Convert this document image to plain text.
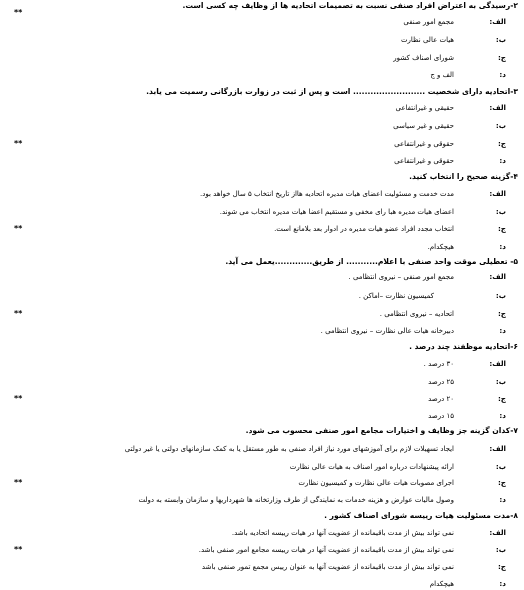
۲-رسیدگی به اعتراض افراد صنفی نسبت به تصمیمات اتحادیه ها از وظایف چه کسی است.
**
الف:
مجمع امور صنفی
ب:
هیات عالی نظارت
ج:
شورای اصناف کشور
د:
الف و ج
۳-اتحادیه دارای شخصیت ......................... است و پس از ثبت در زوارت بازرگانی رسمیت می یابد.
الف:
حقیقی و غیرانتفاعی
ب:
حقیقی و غیر سیاسی
**	ج:
حقوقی و غیرانتفاعی
د:
حقوقی و غیرانتفاعی
۴-گزینه صحیح را انتخاب کنید.
الف:
مدت خدمت و مسئولیت اعضای هیات مدیره اتحادیه هااز تاریخ انتخاب ۵ سال خواهد بود.
ب:
اعضای هیات مدیره هبا رای مخفی و مستقیم اعضا هیات مدیره انتخاب می شوند.
**	ج:
انتخاب مجدد افراد عضو هیات مدیره در ادوار بعد بلامانع است.
د:
هیچکدام.
۵- تعطیلی موقت واحد صنفی با اعلام........... از طریق.............یعمل می آید.
الف:
مجمع امور صنفی – نیروی انتظامی .
ب:
کمیسیون نظارت –اماکن .
**	ج:
اتحادیه – نیروی انتظامی .
د:
دبیرخانه هیات عالی نظارت – نیروی انتظامی .
۶-اتحادیه موظفند چند درصد .
الف:
۳۰ درصد .
ب:
۲۵ درصد
**	ج:
۲۰ درصد
د:
۱۵ درصد
۷-کدان گزینه جز وظایف و اختیارات مجامع امور صنفی محسوب می شود.
الف:
ایجاد تسهیلات لازم برای آموزشهای مورد نیاز افراد صنفی به طور مستقل یا به کمک سازمانهای دولتی یا غیر دولتی
ب:
ارائه پیشنهادات درباره امور اصناف به هیات عالی نظارت
**	ج:
اجرای مصوبات هیات عالی نظارت و کمیسیون نظارت
د:
وصول مالیات عوارض و هزینه خدمات به نمایندگی از طرف وزارتخانه ها شهرداریها و سازمان وابسته به دولت
۸-مدت مسئولیت هیات رییسه شورای اصناف کشور .
الف:
نمی تواند بیش از مدت باقیمانده از عضویت آنها در هیات رییسه اتحادیه باشد.
**	ب:
نمی تواند بیش از مدت باقیمانده از عضویت آنها در هیات رییسه مجامع امور صنفی باشد.
ج:
نمی تواند بیش از مدت باقیمانده از عضویت آنها به عنوان رییس مجمع تمور صنفی باشد
د:
هیچکدام
